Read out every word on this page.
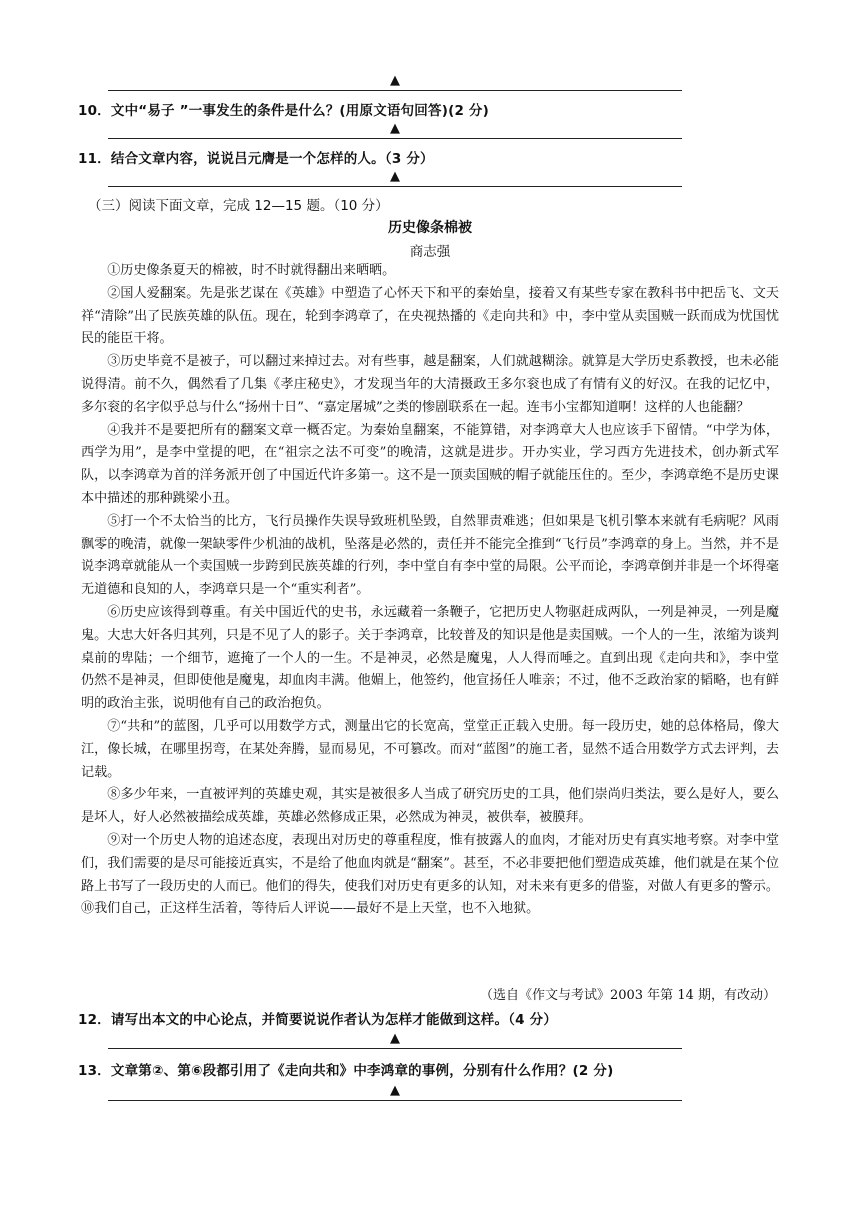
▲
10．文中“易子 ”一事发生的条件是什么？(用原文语句回答)(2 分)
▲
11．结合文章内容，说说吕元膺是一个怎样的人。（3 分）
▲
（三）阅读下面文章，完成 12—15 题。（10 分）
历史像条棉被
商志强

①历史像条夏天的棉被，时不时就得翻出来晒晒。

②国人爱翻案。先是张艺谋在《英雄》中塑造了心怀天下和平的秦始皇，接着又有某些专家在教科书中把岳飞、文天祥“清除”出了民族英雄的队伍。现在，轮到李鸿章了，在央视热播的《走向共和》中，李中堂从卖国贼一跃而成为忧国忧民的能臣干将。

③历史毕竟不是被子，可以翻过来掉过去。对有些事，越是翻案，人们就越糊涂。就算是大学历史系教授，也未必能说得清。前不久，偶然看了几集《孝庄秘史》，才发现当年的大清摄政王多尔衮也成了有情有义的好汉。在我的记忆中，多尔衮的名字似乎总与什么“扬州十日”、“嘉定屠城”之类的惨剧联系在一起。连韦小宝都知道啊！这样的人也能翻？

④我并不是要把所有的翻案文章一概否定。为秦始皇翻案，不能算错，对李鸿章大人也应该手下留情。“中学为体，西学为用”，是李中堂提的吧，在“祖宗之法不可变”的晚清，这就是进步。开办实业，学习西方先进技术，创办新式军队，以李鸿章为首的洋务派开创了中国近代许多第一。这不是一顶卖国贼的帽子就能压住的。至少，李鸿章绝不是历史课本中描述的那种跳梁小丑。

⑤打一个不太恰当的比方，飞行员操作失误导致班机坠毁，自然罪责难逃；但如果是飞机引擎本来就有毛病呢？风雨飘零的晚清，就像一架缺零件少机油的战机，坠落是必然的，责任并不能完全推到“飞行员”李鸿章的身上。当然，并不是说李鸿章就能从一个卖国贼一步跨到民族英雄的行列，李中堂自有李中堂的局限。公平而论，李鸿章倒并非是一个坏得毫无道德和良知的人，李鸿章只是一个“重实利者”。

⑥历史应该得到尊重。有关中国近代的史书，永远藏着一条鞭子，它把历史人物驱赶成两队，一列是神灵，一列是魔鬼。大忠大奸各归其列，只是不见了人的影子。关于李鸿章，比较普及的知识是他是卖国贼。一个人的一生，浓缩为谈判桌前的卑陆；一个细节，遮掩了一个人的一生。不是神灵，必然是魔鬼，人人得而唾之。直到出现《走向共和》，李中堂仍然不是神灵，但即使他是魔鬼，却血肉丰满。他媚上，他签约，他宣扬任人唯亲；不过，他不乏政治家的韬略，也有鲜明的政治主张，说明他有自己的政治抱负。

⑦“共和”的蓝图，几乎可以用数学方式，测量出它的长宽高，堂堂正正载入史册。每一段历史，她的总体格局，像大江，像长城，在哪里拐弯，在某处奔腾，显而易见，不可篡改。而对“蓝图”的施工者，显然不适合用数学方式去评判，去记载。

⑧多少年来，一直被评判的英雄史观，其实是被很多人当成了研究历史的工具，他们崇尚归类法，要么是好人，要么是坏人，好人必然被描绘成英雄，英雄必然修成正果，必然成为神灵，被供奉，被膜拜。

⑨对一个历史人物的追述态度，表现出对历史的尊重程度，惟有披露人的血肉，才能对历史有真实地考察。对李中堂们，我们需要的是尽可能接近真实，不是给了他血肉就是“翻案”。甚至，不必非要把他们塑造成英雄，他们就是在某个位路上书写了一段历史的人而已。他们的得失，使我们对历史有更多的认知，对未来有更多的借鉴，对做人有更多的警示。 ⑩我们自己，正这样生活着，等待后人评说——最好不是上天堂，也不入地狱。

（选自《作文与考试》2003 年第 14 期，有改动）
12．请写出本文的中心论点，并简要说说作者认为怎样才能做到这样。（4 分）
▲
13．文章第②、第⑥段都引用了《走向共和》中李鸿章的事例，分别有什么作用？(2 分)
▲
